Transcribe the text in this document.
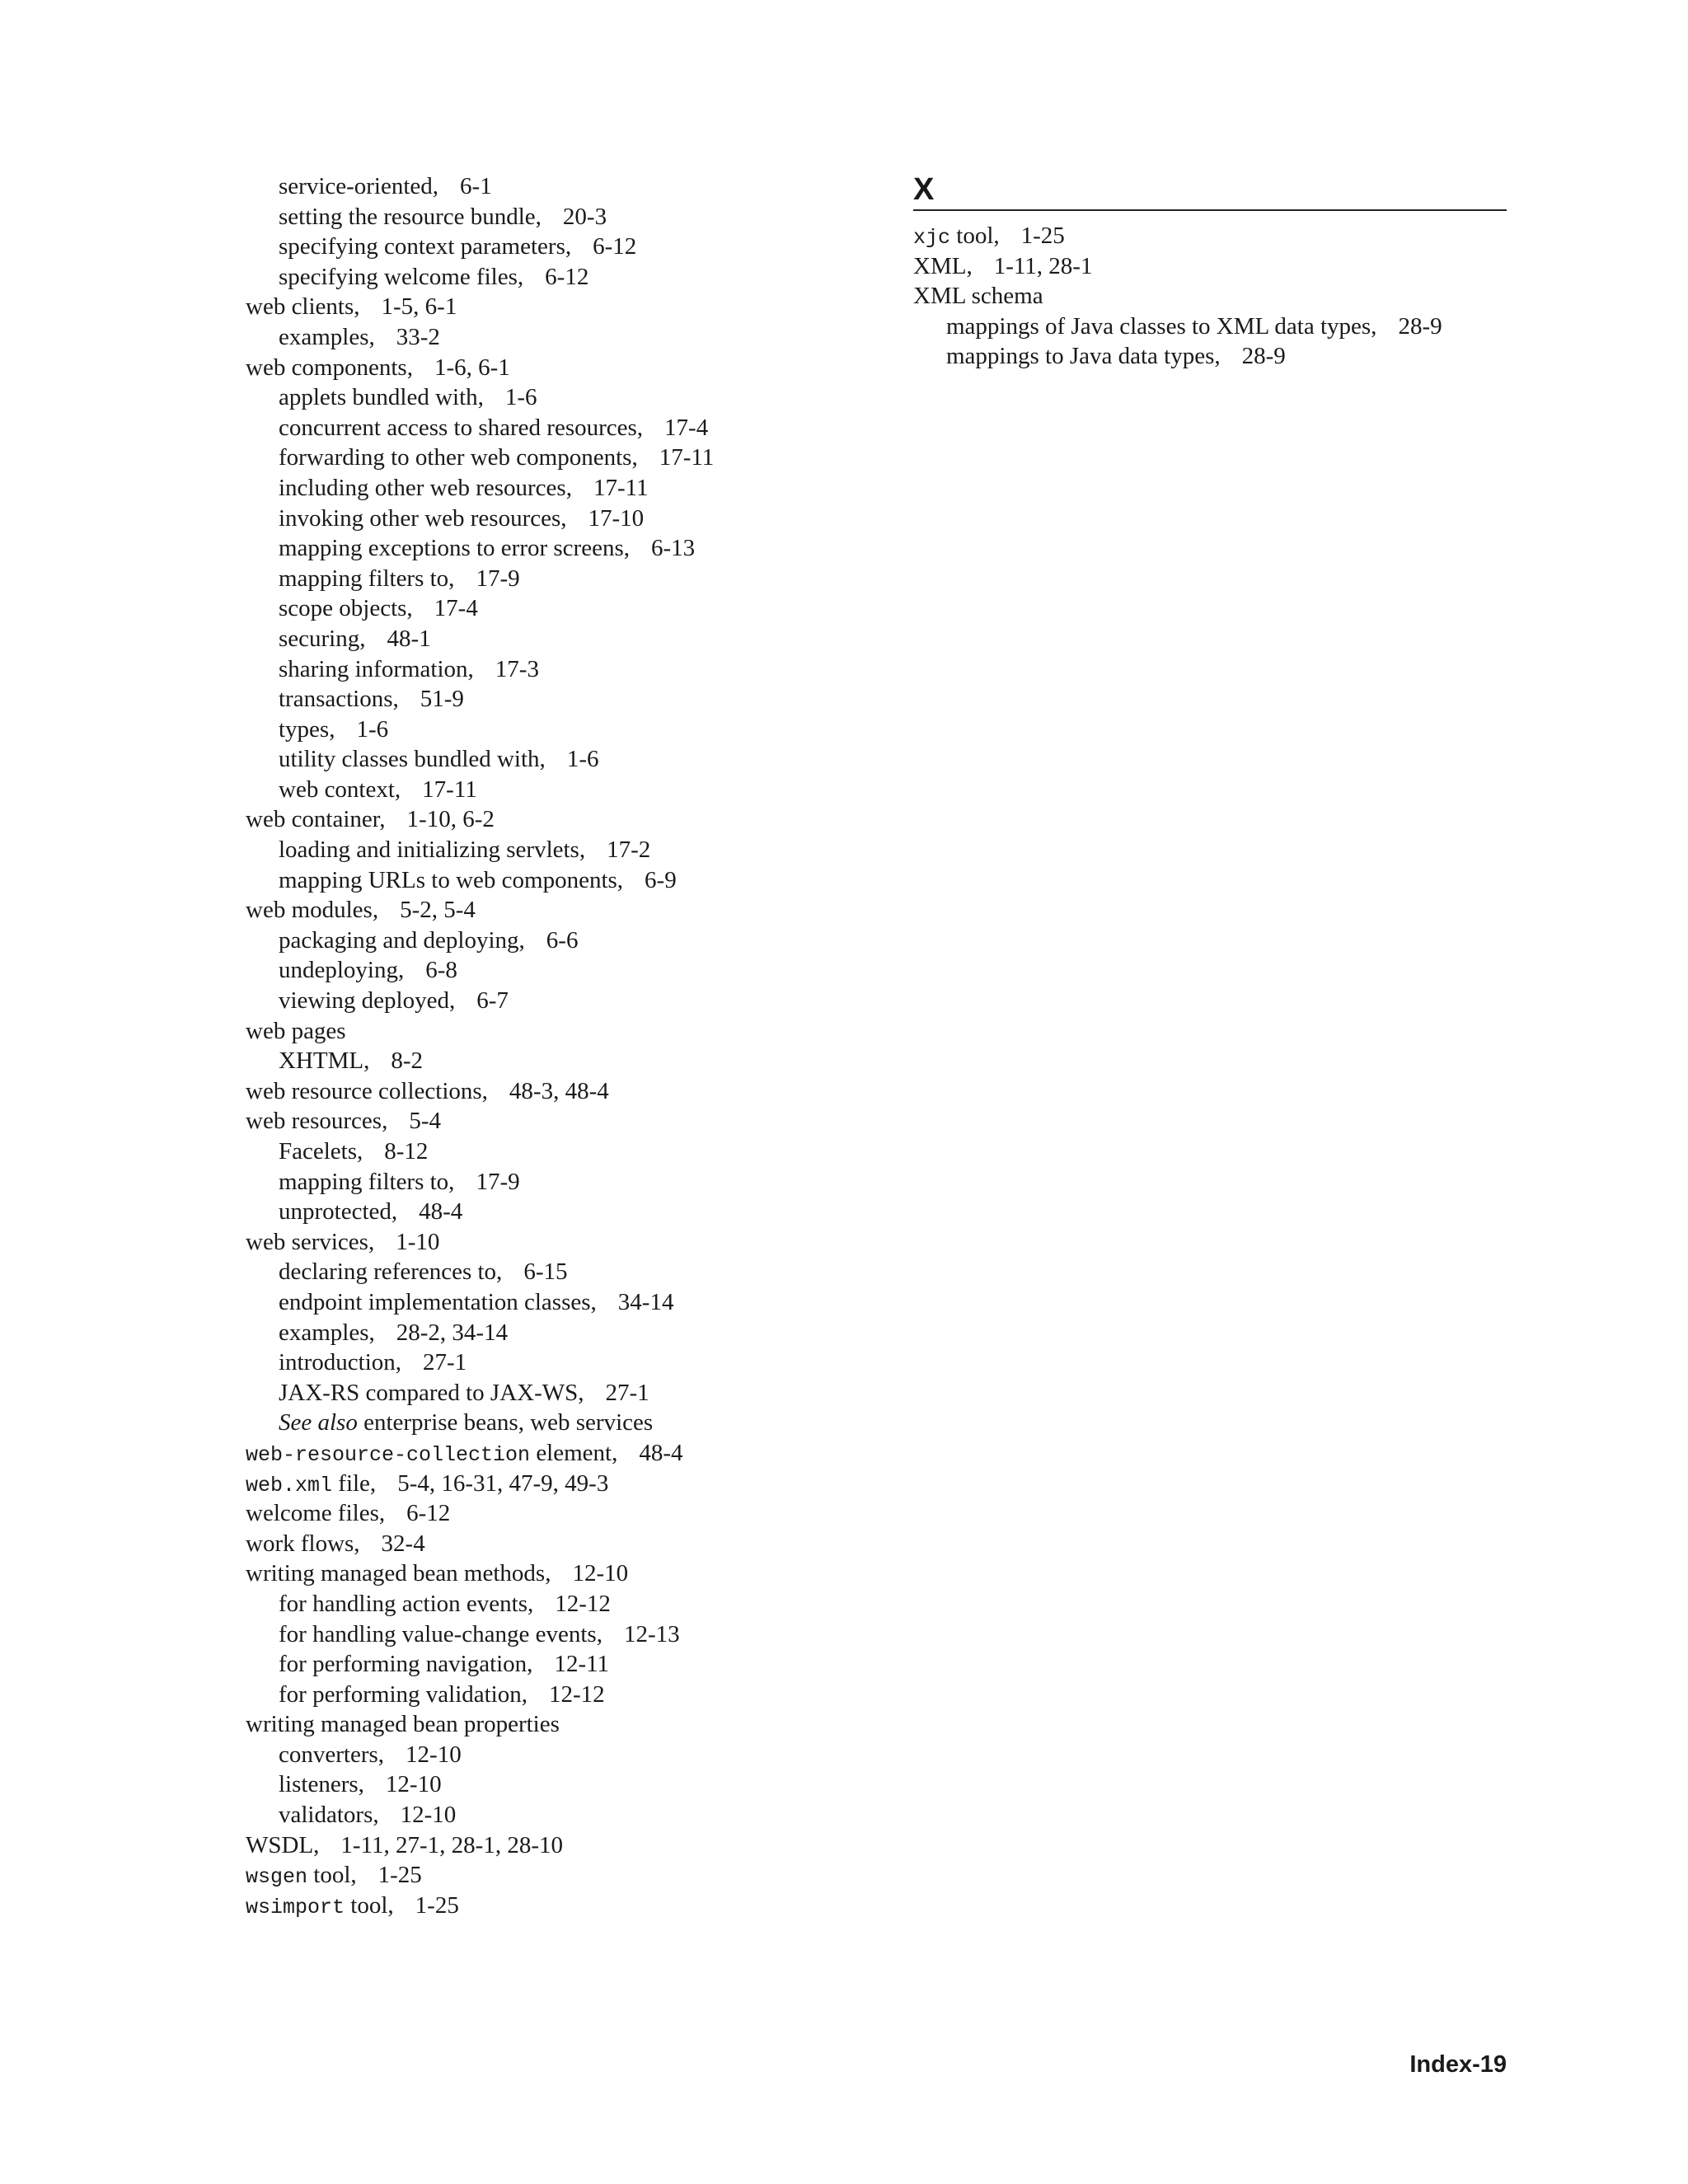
service-oriented, 6-1
setting the resource bundle, 20-3
specifying context parameters, 6-12
specifying welcome files, 6-12
web clients, 1-5, 6-1
examples, 33-2
web components, 1-6, 6-1
applets bundled with, 1-6
concurrent access to shared resources, 17-4
forwarding to other web components, 17-11
including other web resources, 17-11
invoking other web resources, 17-10
mapping exceptions to error screens, 6-13
mapping filters to, 17-9
scope objects, 17-4
securing, 48-1
sharing information, 17-3
transactions, 51-9
types, 1-6
utility classes bundled with, 1-6
web context, 17-11
web container, 1-10, 6-2
loading and initializing servlets, 17-2
mapping URLs to web components, 6-9
web modules, 5-2, 5-4
packaging and deploying, 6-6
undeploying, 6-8
viewing deployed, 6-7
web pages
XHTML, 8-2
web resource collections, 48-3, 48-4
web resources, 5-4
Facelets, 8-12
mapping filters to, 17-9
unprotected, 48-4
web services, 1-10
declaring references to, 6-15
endpoint implementation classes, 34-14
examples, 28-2, 34-14
introduction, 27-1
JAX-RS compared to JAX-WS, 27-1
See also enterprise beans, web services
web-resource-collection element, 48-4
web.xml file, 5-4, 16-31, 47-9, 49-3
welcome files, 6-12
work flows, 32-4
writing managed bean methods, 12-10
for handling action events, 12-12
for handling value-change events, 12-13
for performing navigation, 12-11
for performing validation, 12-12
writing managed bean properties
converters, 12-10
listeners, 12-10
validators, 12-10
WSDL, 1-11, 27-1, 28-1, 28-10
wsgen tool, 1-25
wsimport tool, 1-25
X
xjc tool, 1-25
XML, 1-11, 28-1
XML schema
mappings of Java classes to XML data types, 28-9
mappings to Java data types, 28-9
Index-19
